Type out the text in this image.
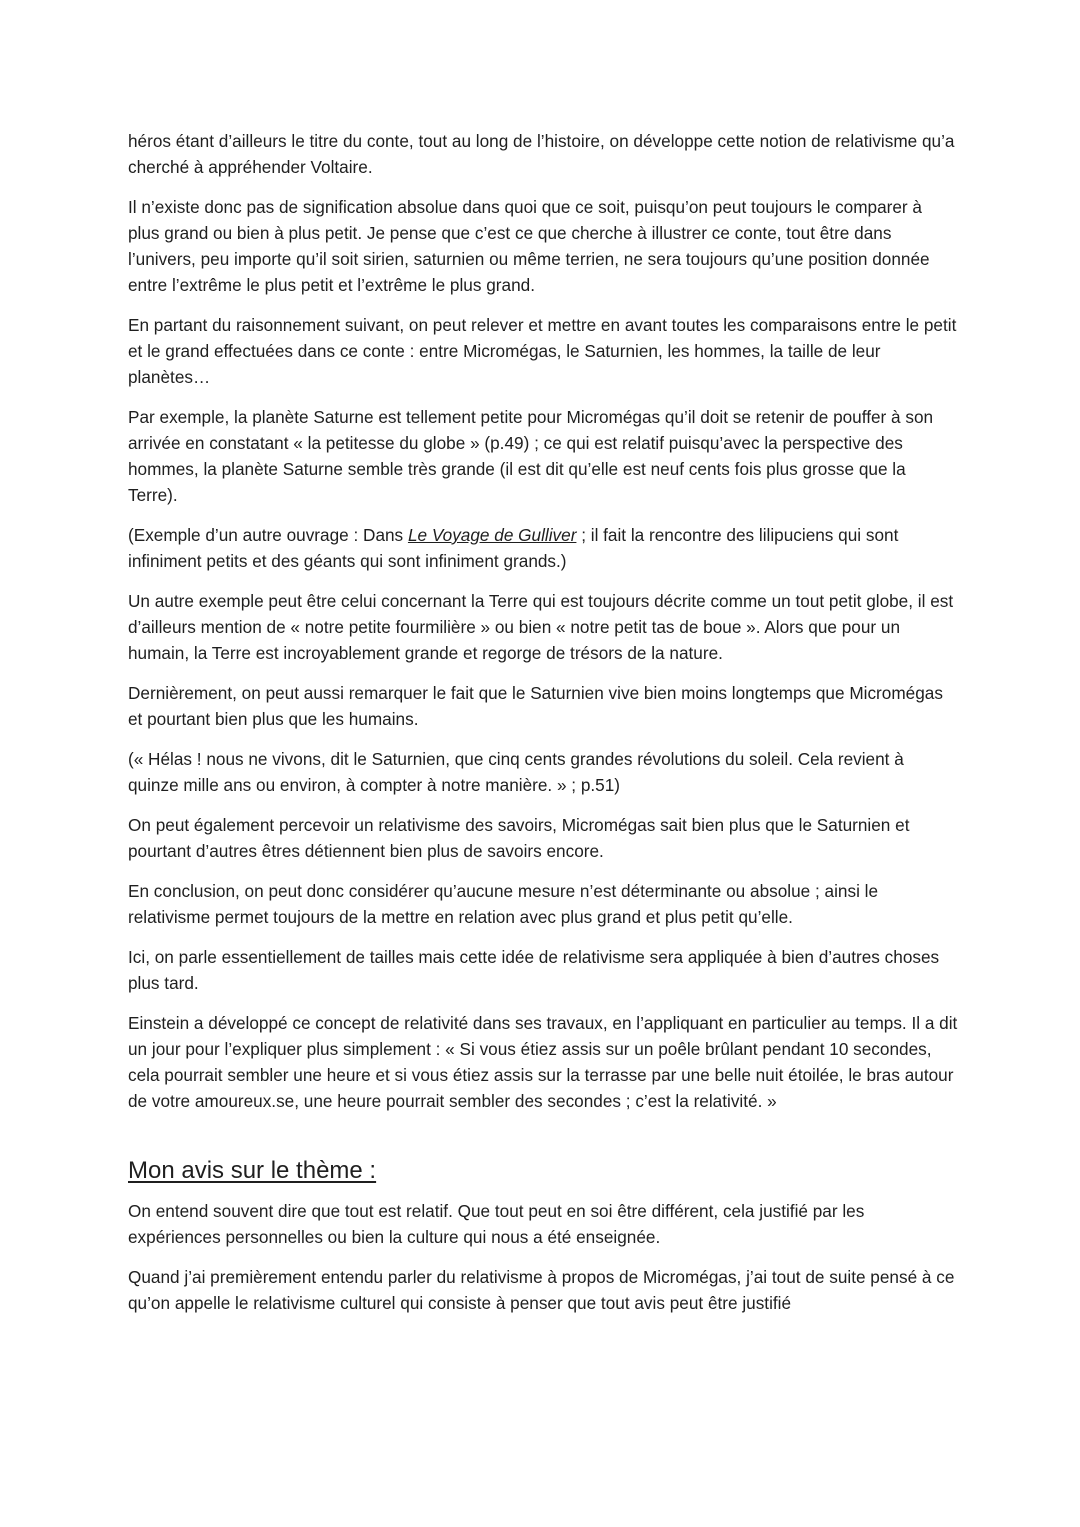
héros étant d’ailleurs le titre du conte, tout au long de l’histoire, on développe cette notion de relativisme qu’a cherché à appréhender Voltaire.

Il n’existe donc pas de signification absolue dans quoi que ce soit, puisqu’on peut toujours le comparer à plus grand ou bien à plus petit. Je pense que c’est ce que cherche à illustrer ce conte, tout être dans l’univers, peu importe qu’il soit sirien, saturnien ou même terrien, ne sera toujours qu’une position donnée entre l’extrême le plus petit et l’extrême le plus grand.

En partant du raisonnement suivant, on peut relever et mettre en avant toutes les comparaisons entre le petit et le grand effectuées dans ce conte : entre Micromégas, le Saturnien, les hommes, la taille de leur planètes…

Par exemple, la planète Saturne est tellement petite pour Micromégas qu’il doit se retenir de pouffer à son arrivée en constatant « la petitesse du globe » (p.49) ; ce qui est relatif puisqu’avec la perspective des hommes, la planète Saturne semble très grande (il est dit qu’elle est neuf cents fois plus grosse que la Terre).

(Exemple d’un autre ouvrage : Dans Le Voyage de Gulliver ; il fait la rencontre des lilipuciens qui sont infiniment petits et des géants qui sont infiniment grands.)

Un autre exemple peut être celui concernant la Terre qui est toujours décrite comme un tout petit globe, il est d’ailleurs mention de « notre petite fourmilière » ou bien « notre petit tas de boue ». Alors que pour un humain, la Terre est incroyablement grande et regorge de trésors de la nature.

Dernièrement, on peut aussi remarquer le fait que le Saturnien vive bien moins longtemps que Micromégas et pourtant bien plus que les humains.

(« Hélas ! nous ne vivons, dit le Saturnien, que cinq cents grandes révolutions du soleil. Cela revient à quinze mille ans ou environ, à compter à notre manière. » ; p.51)

On peut également percevoir un relativisme des savoirs, Micromégas sait bien plus que le Saturnien et pourtant d’autres êtres détiennent bien plus de savoirs encore.

En conclusion, on peut donc considérer qu’aucune mesure n’est déterminante ou absolue ; ainsi le relativisme permet toujours de la mettre en relation avec plus grand et plus petit qu’elle.

Ici, on parle essentiellement de tailles mais cette idée de relativisme sera appliquée à bien d’autres choses plus tard.

Einstein a développé ce concept de relativité dans ses travaux, en l’appliquant en particulier au temps. Il a dit un jour pour l’expliquer plus simplement : « Si vous étiez assis sur un poêle brûlant pendant 10 secondes, cela pourrait sembler une heure et si vous étiez assis sur la terrasse par une belle nuit étoilée, le bras autour de votre amoureux.se, une heure pourrait sembler des secondes ; c’est la relativité. »

Mon avis sur le thème :

On entend souvent dire que tout est relatif. Que tout peut en soi être différent, cela justifié par les expériences personnelles ou bien la culture qui nous a été enseignée.

Quand j’ai premièrement entendu parler du relativisme à propos de Micromégas, j’ai tout de suite pensé à ce qu’on appelle le relativisme culturel qui consiste à penser que tout avis peut être justifié
